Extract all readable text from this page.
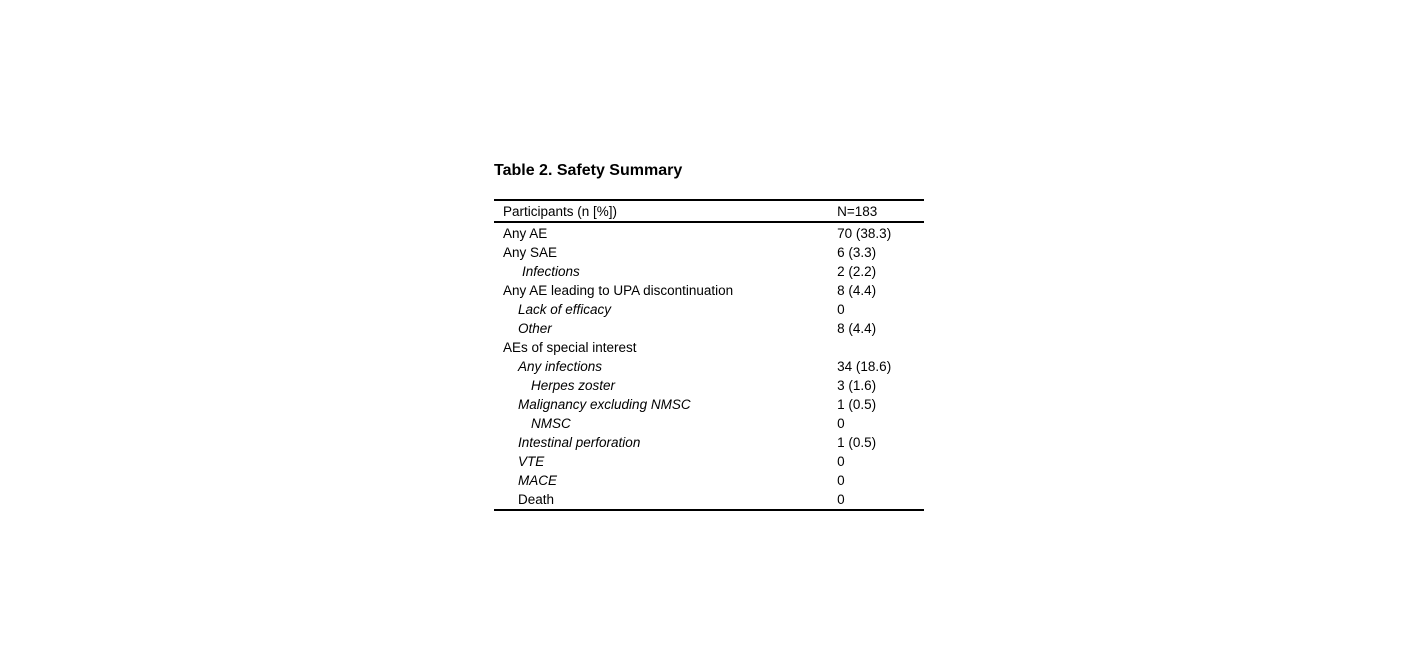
Table 2. Safety Summary
Participants (n [%])	N=183
Any AE	70 (38.3)
Any SAE	6 (3.3)
Infections	2 (2.2)
Any AE leading to UPA discontinuation	8 (4.4)
Lack of efficacy	0
Other	8 (4.4)
AEs of special interest	
Any infections	34 (18.6)
Herpes zoster	3 (1.6)
Malignancy excluding NMSC	1 (0.5)
NMSC	0
Intestinal perforation	1 (0.5)
VTE	0
MACE	0
Death	0
